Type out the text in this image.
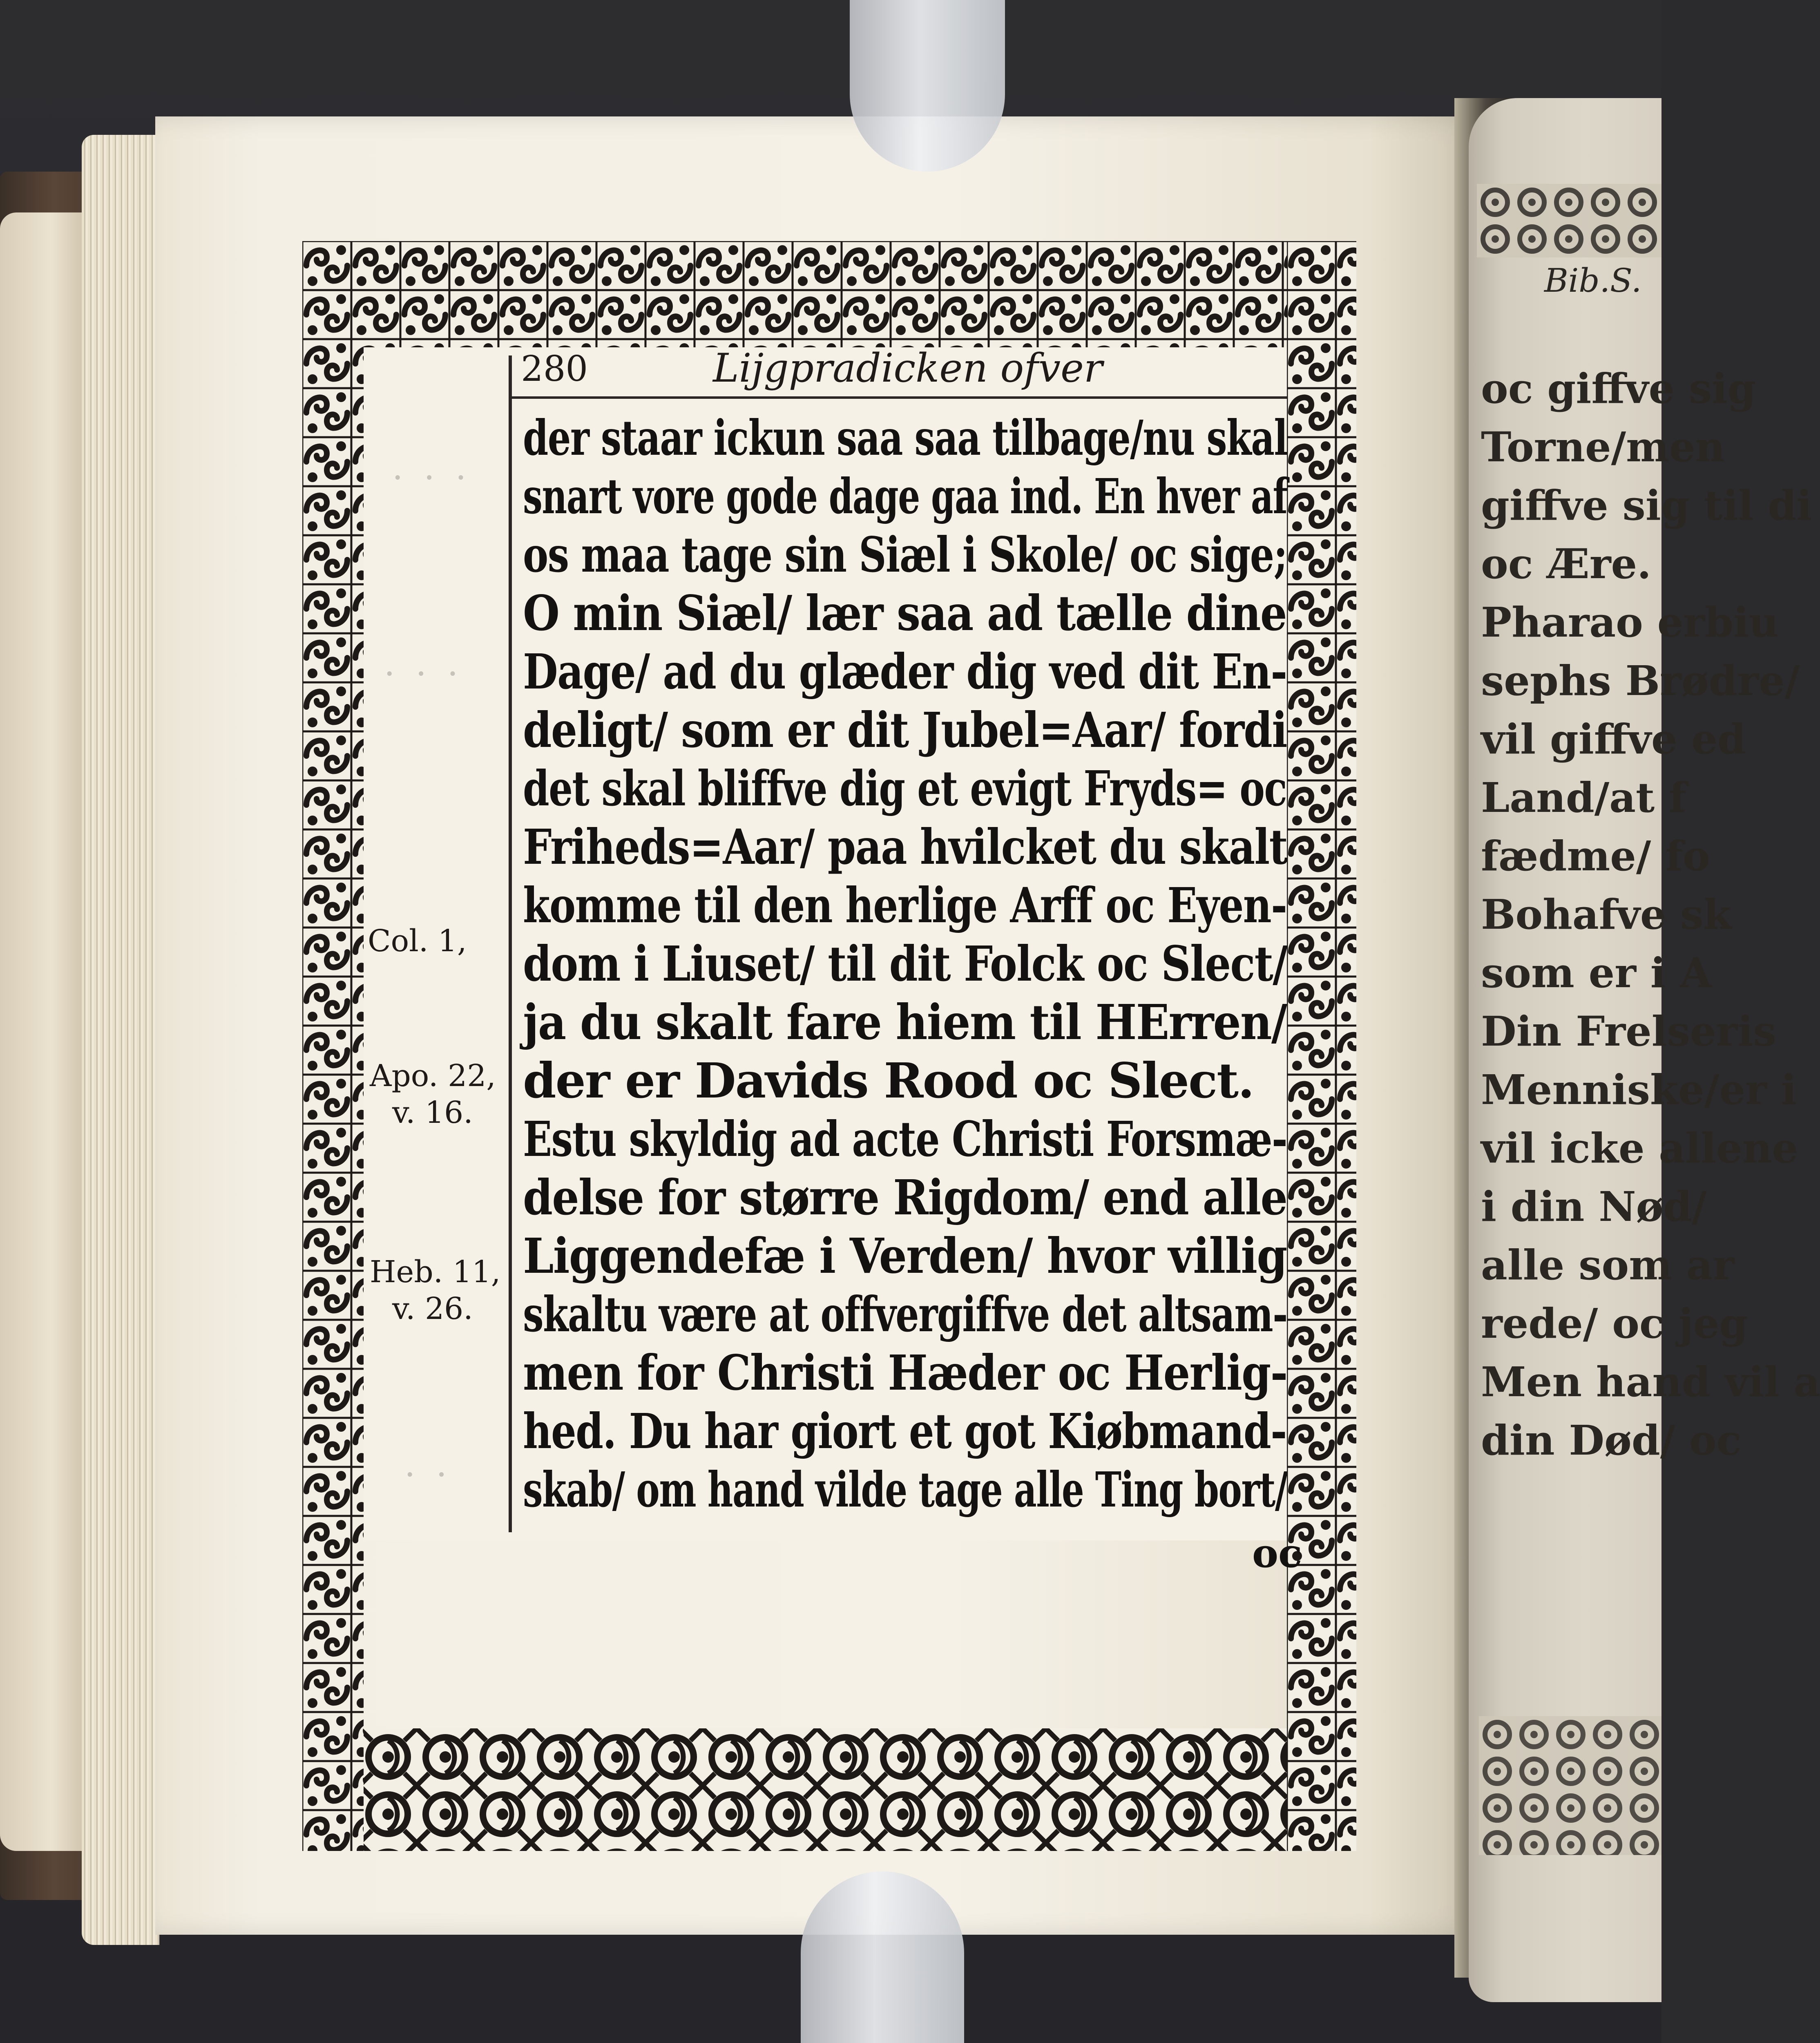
Bib.S.
oc giffve sig
Torne/men
giffve sig til di
oc Ære.
Pharao erbiu
sephs Brødre/
vil giffve ed
Land/at f
fædme/ fo
Bohafve sk
som er i A
Din Frelseris
Menniske/er i
vil icke allene
i din Nød/
alle som ar
rede/ oc jeg
Men hand vil a
din Død/ oc
· · ·
· · ·
· ·
280	Lijgpradicken ofver
Col. 1,
Apo. 22,
v. 16.
Heb. 11,
v. 26.
der staar ickun saa saa tilbage/nu skal
snart vore gode dage gaa ind. En hver af
os maa tage sin Siæl i Skole/ oc sige;
O min Siæl/ lær saa ad tælle dine
Dage/ ad du glæder dig ved dit En-
deligt/ som er dit Jubel=Aar/ fordi
det skal bliffve dig et evigt Fryds= oc
Friheds=Aar/ paa hvilcket du skalt
komme til den herlige Arff oc Eyen-
dom i Liuset/ til dit Folck oc Slect/
ja du skalt fare hiem til HErren/
der er Davids Rood oc Slect.
Estu skyldig ad acte Christi Forsmæ-
delse for større Rigdom/ end alle
Liggendefæ i Verden/ hvor villig
skaltu være at offvergiffve det altsam-
men for Christi Hæder oc Herlig-
hed. Du har giort et got Kiøbmand-
skab/ om hand vilde tage alle Ting bort/
oc
